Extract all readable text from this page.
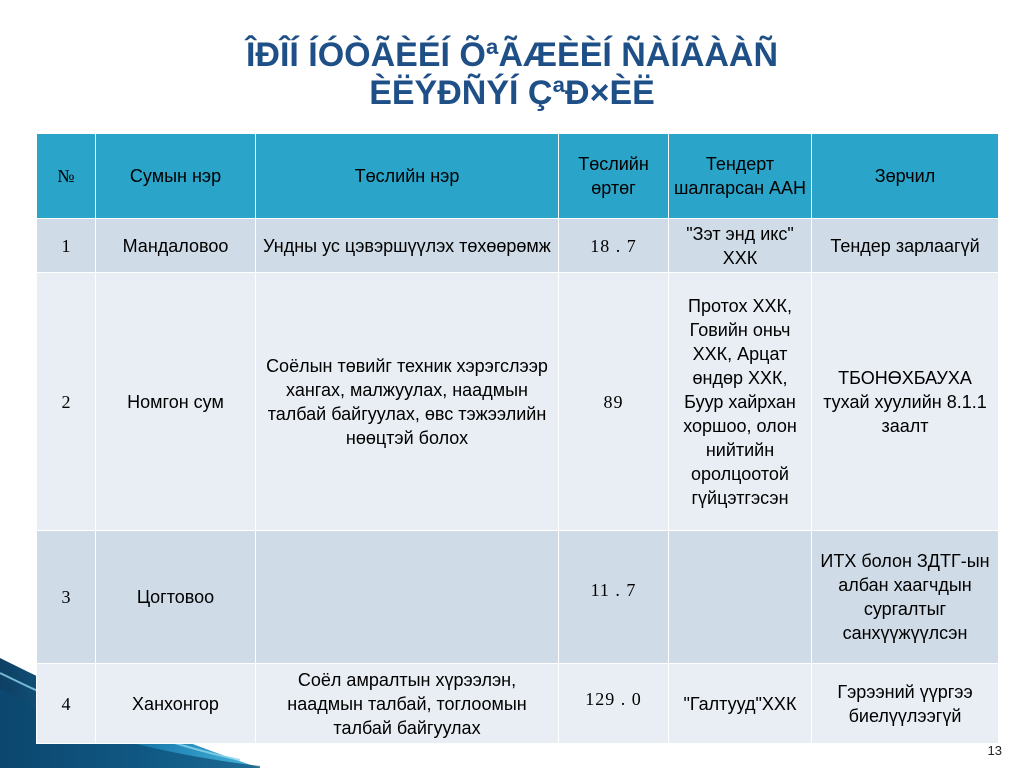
ÎÐÎÍ ÍÓÒÃÈÉÍ ÕªÃÆÈÈÍ ÑÀÍÃÀÀÑ
ÈËÝÐÑÝÍ ÇªÐ×ÈË
№	Сумын нэр	Төслийн нэр	Төслийн өртөг	Тендерт шалгарсан ААН	Зөрчил
1	Мандаловоо	Ундны ус цэвэршүүлэх төхөөрөмж	18 . 7	"Зэт энд икс" ХХК	Тендер зарлаагүй
2	Номгон сум	Соёлын төвийг техник хэрэгслээр хангах, малжуулах, наадмын талбай байгуулах, өвс тэжээлийн нөөцтэй болох	89	Протох ХХК, Говийн оньч ХХК, Арцат өндөр ХХК, Буур хайрхан хоршоо, олон нийтийн оролцоотой гүйцэтгэсэн	ТБОНӨХБАУХА тухай хуулийн 8.1.1 заалт
3	Цогтовоо		11 . 7		ИТХ болон ЗДТГ-ын албан хаагчдын сургалтыг санхүүжүүлсэн
4	Ханхонгор	Соёл амралтын хүрээлэн, наадмын талбай, тоглоомын талбай байгуулах	129 . 0	"Галтууд"ХХК	Гэрээний үүргээ биелүүлээгүй
13
